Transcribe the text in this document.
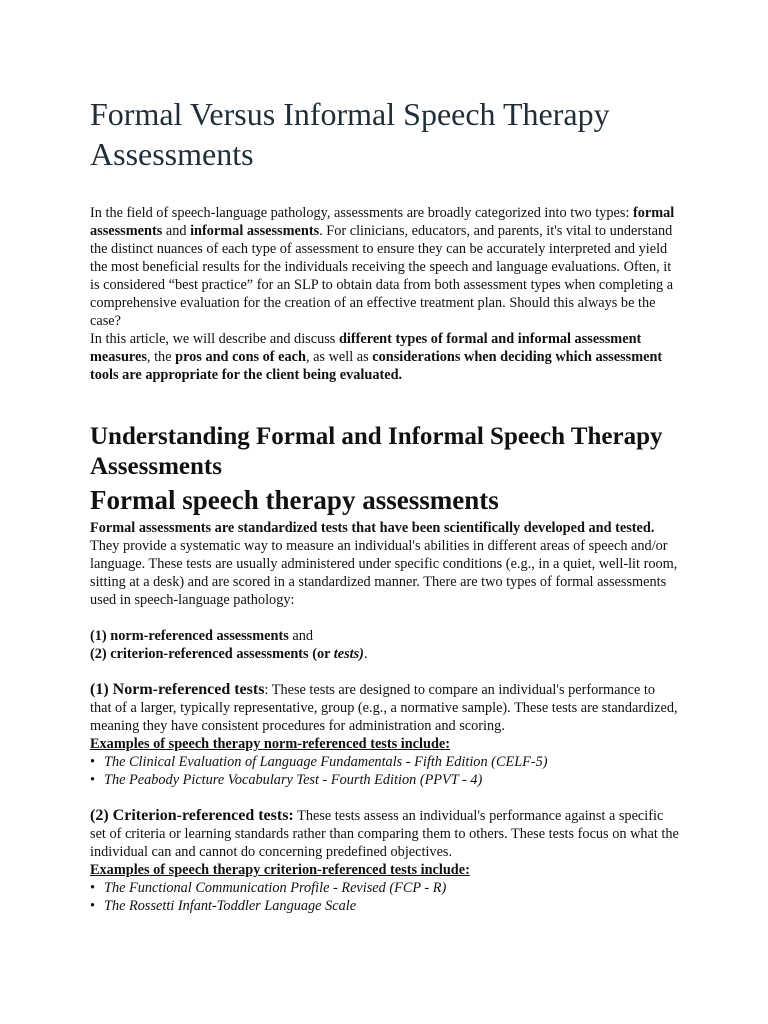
Formal Versus Informal Speech Therapy Assessments

In the field of speech-language pathology, assessments are broadly categorized into two types: formal assessments and informal assessments. For clinicians, educators, and parents, it's vital to understand the distinct nuances of each type of assessment to ensure they can be accurately interpreted and yield the most beneficial results for the individuals receiving the speech and language evaluations. Often, it is considered “best practice” for an SLP to obtain data from both assessment types when completing a comprehensive evaluation for the creation of an effective treatment plan. Should this always be the case?

In this article, we will describe and discuss different types of formal and informal assessment measures, the pros and cons of each, as well as considerations when deciding which assessment tools are appropriate for the client being evaluated.

Understanding Formal and Informal Speech Therapy Assessments
Formal speech therapy assessments

Formal assessments are standardized tests that have been scientifically developed and tested. They provide a systematic way to measure an individual's abilities in different areas of speech and/or language. These tests are usually administered under specific conditions (e.g., in a quiet, well-lit room, sitting at a desk) and are scored in a standardized manner. There are two types of formal assessments used in speech-language pathology:

(1) norm-referenced assessments and

(2) criterion-referenced assessments (or tests).

(1) Norm-referenced tests: These tests are designed to compare an individual's performance to that of a larger, typically representative, group (e.g., a normative sample). These tests are standardized, meaning they have consistent procedures for administration and scoring.

Examples of speech therapy norm-referenced tests include:
• The Clinical Evaluation of Language Fundamentals - Fifth Edition (CELF-5)
• The Peabody Picture Vocabulary Test - Fourth Edition (PPVT - 4)

(2) Criterion-referenced tests: These tests assess an individual's performance against a specific set of criteria or learning standards rather than comparing them to others. These tests focus on what the individual can and cannot do concerning predefined objectives.

Examples of speech therapy criterion-referenced tests include:
• The Functional Communication Profile - Revised (FCP - R)
• The Rossetti Infant-Toddler Language Scale
